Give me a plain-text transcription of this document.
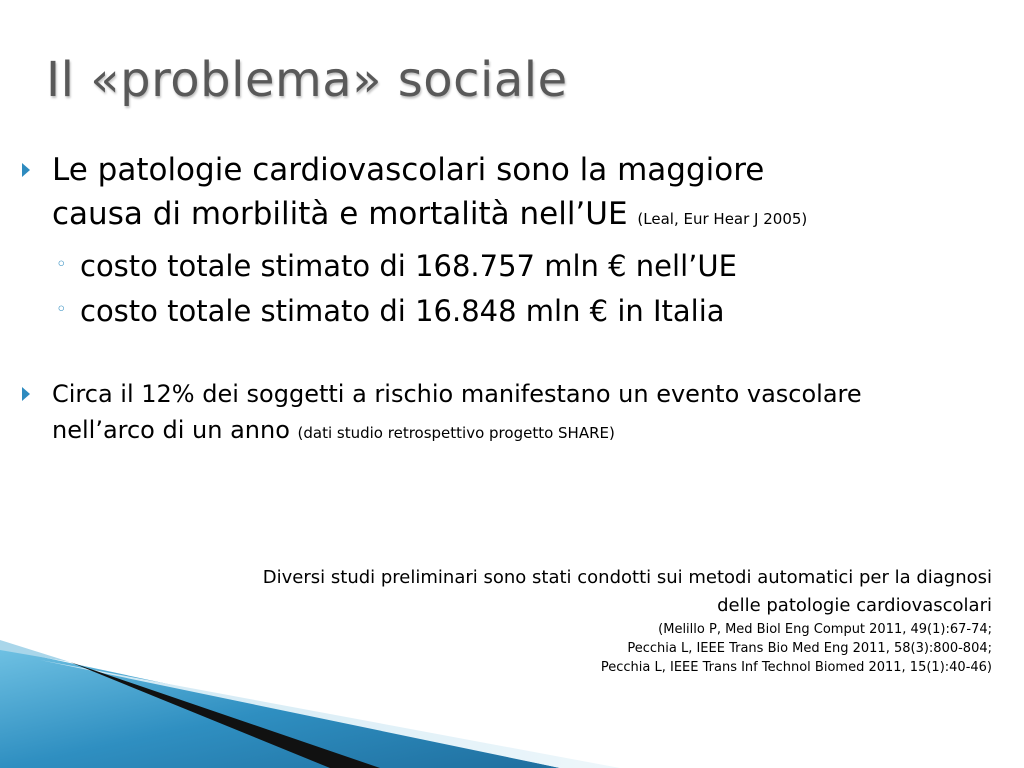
Il «problema» sociale
Le patologie cardiovascolari sono la maggiore
causa di morbilità e mortalità nell’UE (Leal, Eur Hear J 2005)
◦ costo totale stimato di 168.757 mln € nell’UE
◦ costo totale stimato di 16.848 mln € in Italia
Circa il 12% dei soggetti a rischio manifestano un evento vascolare
nell’arco di un anno (dati studio retrospettivo progetto SHARE)
Diversi studi preliminari sono stati condotti sui metodi automatici per la diagnosi
delle patologie cardiovascolari
(Melillo P, Med Biol Eng Comput 2011, 49(1):67-74;
Pecchia L, IEEE Trans Bio Med Eng 2011, 58(3):800-804;
Pecchia L, IEEE Trans Inf Technol Biomed 2011, 15(1):40-46)
